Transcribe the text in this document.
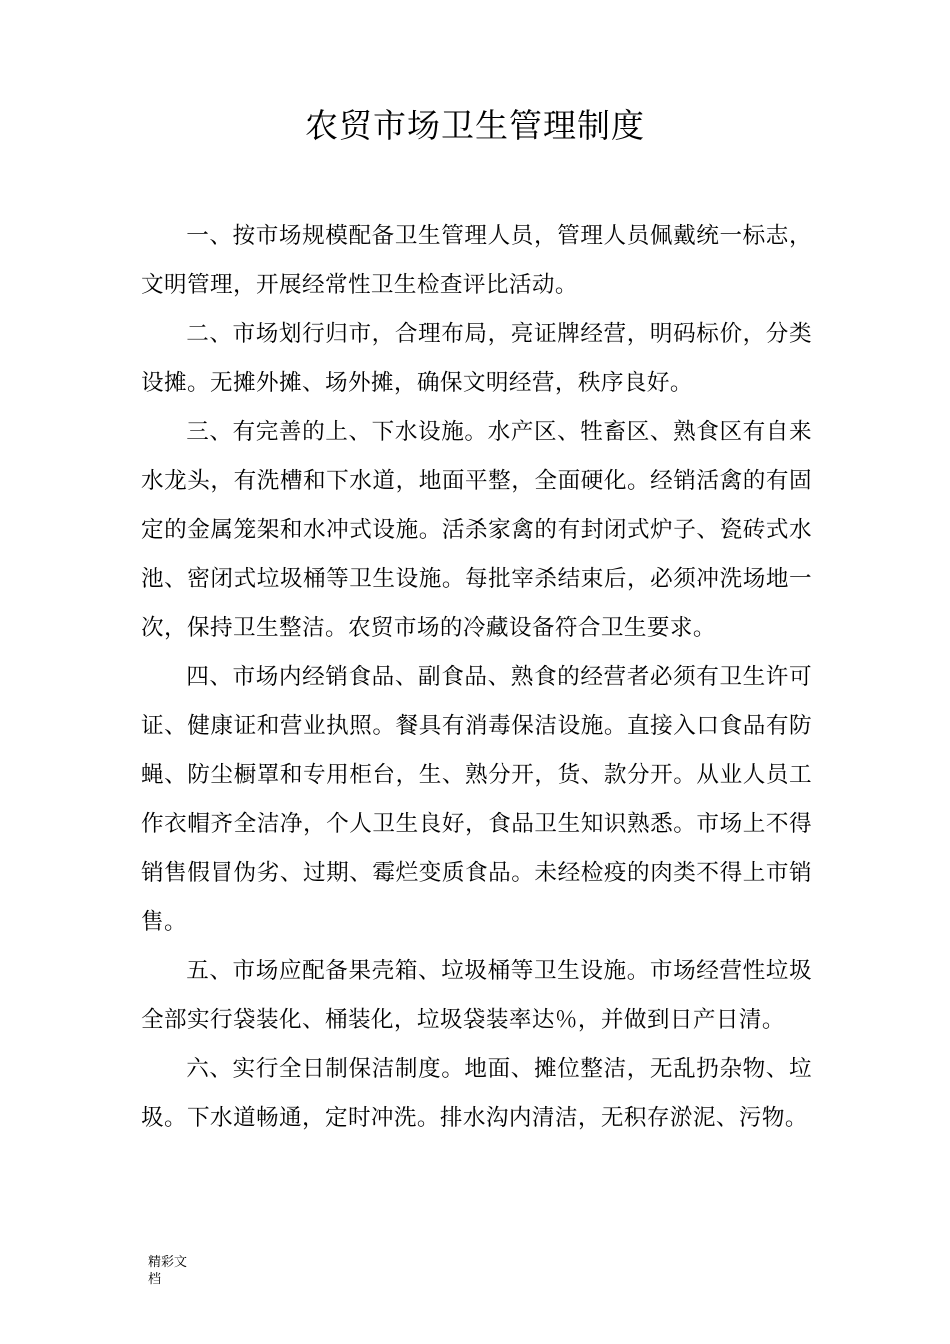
农贸市场卫生管理制度

一、按市场规模配备卫生管理人员，管理人员佩戴统一标志，文明管理，开展经常性卫生检查评比活动。

二、市场划行归市，合理布局，亮证牌经营，明码标价，分类设摊。无摊外摊、场外摊，确保文明经营，秩序良好。

三、有完善的上、下水设施。水产区、牲畜区、熟食区有自来水龙头，有洗槽和下水道，地面平整，全面硬化。经销活禽的有固定的金属笼架和水冲式设施。活杀家禽的有封闭式炉子、瓷砖式水池、密闭式垃圾桶等卫生设施。每批宰杀结束后，必须冲洗场地一次，保持卫生整洁。农贸市场的冷藏设备符合卫生要求。

四、市场内经销食品、副食品、熟食的经营者必须有卫生许可证、健康证和营业执照。餐具有消毒保洁设施。直接入口食品有防蝇、防尘橱罩和专用柜台，生、熟分开，货、款分开。从业人员工作衣帽齐全洁净，个人卫生良好，食品卫生知识熟悉。市场上不得销售假冒伪劣、过期、霉烂变质食品。未经检疫的肉类不得上市销售。

五、市场应配备果壳箱、垃圾桶等卫生设施。市场经营性垃圾全部实行袋装化、桶装化，垃圾袋装率达％，并做到日产日清。

六、实行全日制保洁制度。地面、摊位整洁，无乱扔杂物、垃圾。下水道畅通，定时冲洗。排水沟内清洁，无积存淤泥、污物。

精彩文档
